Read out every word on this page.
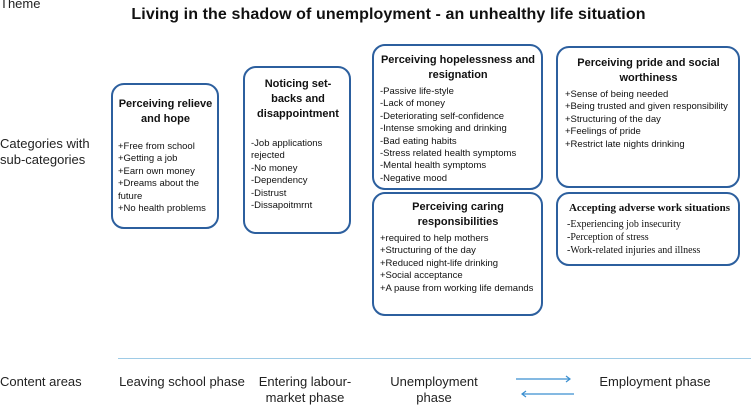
Theme
Categories with sub-categories
Content areas
Living in the shadow of unemployment - an unhealthy life situation
Perceiving relieve and hope
+Free from school
+Getting a job
+Earn own money
+Dreams about the future
+No health problems
Noticing set-backs and disappointment
-Job applications rejected
-No money
-Dependency
-Distrust
-Dissapoitmrnt
Perceiving hopelessness and resignation
-Passive life-style
-Lack of money
-Deteriorating self-confidence
-Intense smoking and drinking
-Bad eating habits
-Stress related health symptoms
-Mental health symptoms
-Negative mood
Perceiving caring responsibilities
+required to help mothers
+Structuring of the day
+Reduced night-life drinking
+Social acceptance
+A pause from working life demands
Perceiving pride and social worthiness
+Sense of being needed
+Being trusted and given responsibility
+Structuring of the day
+Feelings of pride
+Restrict late nights drinking
Accepting adverse work situations
-Experiencing job insecurity
-Perception of stress
-Work-related injuries and illness
Leaving school phase Entering labour-market phase
Unemployment phase
Employment phase
